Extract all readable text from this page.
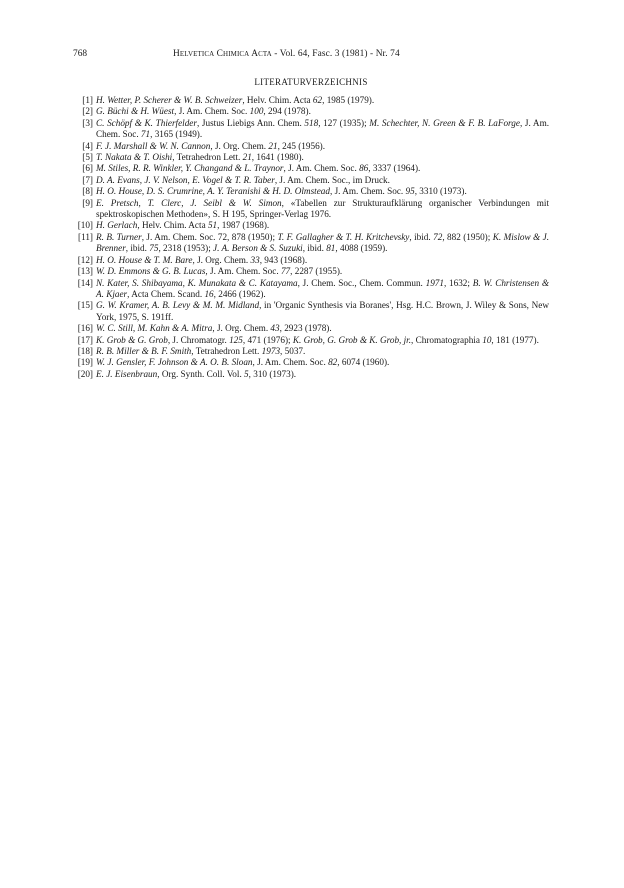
768	Helvetica Chimica Acta - Vol. 64, Fasc. 3 (1981) - Nr. 74
LITERATURVERZEICHNIS
[1] H. Wetter, P. Scherer & W. B. Schweizer, Helv. Chim. Acta 62, 1985 (1979).
[2] G. Büchi & H. Wüest, J. Am. Chem. Soc. 100, 294 (1978).
[3] C. Schöpf & K. Thierfelder, Justus Liebigs Ann. Chem. 518, 127 (1935); M. Schechter, N. Green & F. B. LaForge, J. Am. Chem. Soc. 71, 3165 (1949).
[4] F. J. Marshall & W. N. Cannon, J. Org. Chem. 21, 245 (1956).
[5] T. Nakata & T. Oishi, Tetrahedron Lett. 21, 1641 (1980).
[6] M. Stiles, R. R. Winkler, Y. Changand & L. Traynor, J. Am. Chem. Soc. 86, 3337 (1964).
[7] D. A. Evans, J. V. Nelson, E. Vogel & T. R. Taber, J. Am. Chem. Soc., im Druck.
[8] H. O. House, D. S. Crumrine, A. Y. Teranishi & H. D. Olmstead, J. Am. Chem. Soc. 95, 3310 (1973).
[9] E. Pretsch, T. Clerc, J. Seibl & W. Simon, «Tabellen zur Strukturaufklärung organischer Verbindungen mit spektroskopischen Methoden», S. H 195, Springer-Verlag 1976.
[10] H. Gerlach, Helv. Chim. Acta 51, 1987 (1968).
[11] R. B. Turner, J. Am. Chem. Soc. 72, 878 (1950); T. F. Gallagher & T. H. Kritchevsky, ibid. 72, 882 (1950); K. Mislow & J. Brenner, ibid. 75, 2318 (1953); J. A. Berson & S. Suzuki, ibid. 81, 4088 (1959).
[12] H. O. House & T. M. Bare, J. Org. Chem. 33, 943 (1968).
[13] W. D. Emmons & G. B. Lucas, J. Am. Chem. Soc. 77, 2287 (1955).
[14] N. Kater, S. Shibayama, K. Munakata & C. Katayama, J. Chem. Soc., Chem. Commun. 1971, 1632; B. W. Christensen & A. Kjaer, Acta Chem. Scand. 16, 2466 (1962).
[15] G. W. Kramer, A. B. Levy & M. M. Midland, in 'Organic Synthesis via Boranes', Hsg. H.C. Brown, J. Wiley & Sons, New York, 1975, S. 191ff.
[16] W. C. Still, M. Kahn & A. Mitra, J. Org. Chem. 43, 2923 (1978).
[17] K. Grob & G. Grob, J. Chromatogr. 125, 471 (1976); K. Grob, G. Grob & K. Grob, jr., Chromatographia 10, 181 (1977).
[18] R. B. Miller & B. F. Smith, Tetrahedron Lett. 1973, 5037.
[19] W. J. Gensler, F. Johnson & A. O. B. Sloan, J. Am. Chem. Soc. 82, 6074 (1960).
[20] E. J. Eisenbraun, Org. Synth. Coll. Vol. 5, 310 (1973).
